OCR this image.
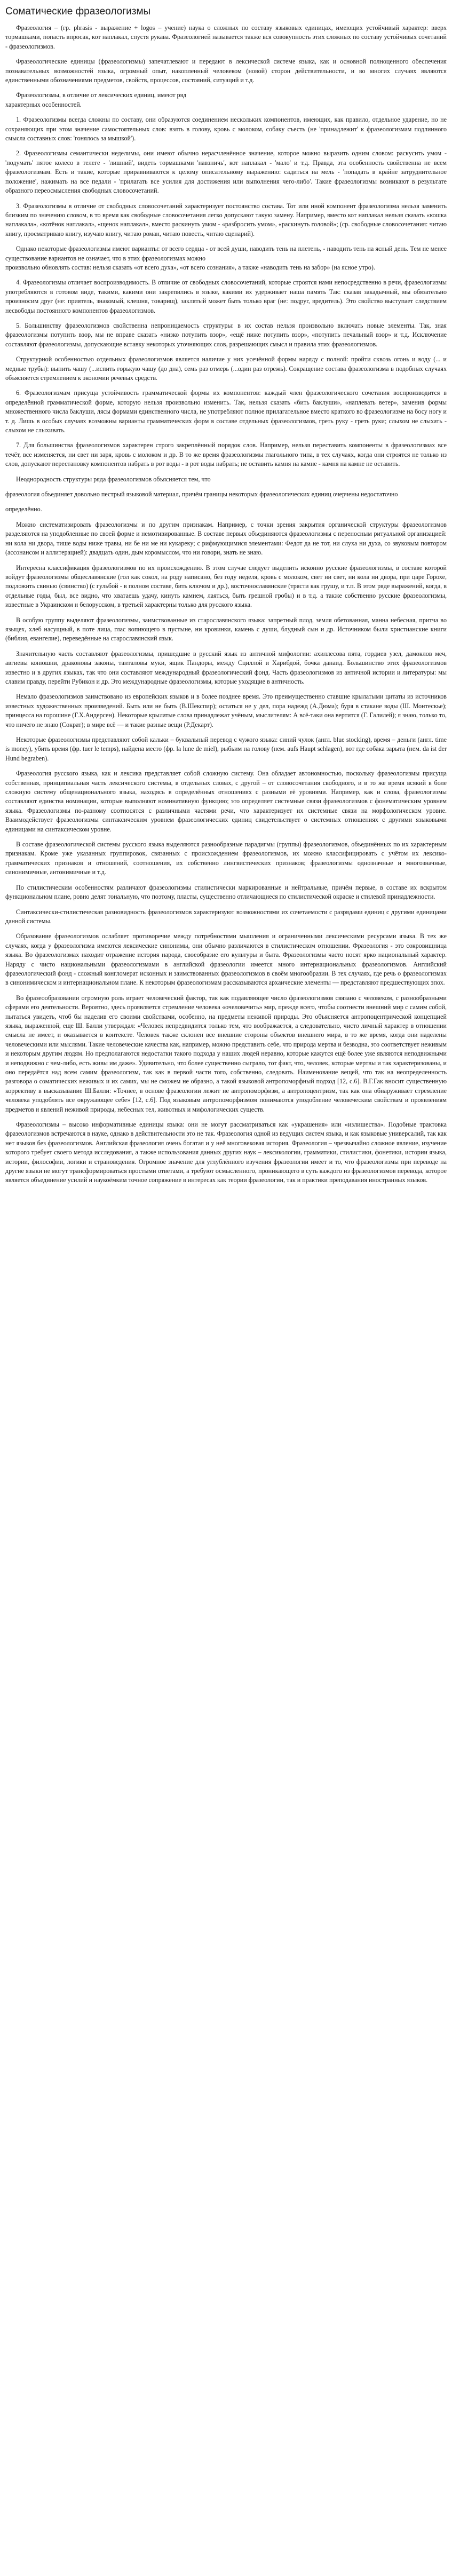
Соматические фразеологизмы

Фразеология – (гр. phrasis - выражение + logos – учение) наука о сложных по составу языковых единицах, имеющих устойчивый характер: вверх тормашками, попасть впросак, кот наплакал, спустя рукава. Фразеологией называется также вся совокупность этих сложных по составу устойчивых сочетаний - фразеологизмов.

Фразеологические единицы (фразеологизмы) запечатлевают и передают в лексической системе языка, как и основной полноценного обеспечения познавательных возможностей языка, огромный опыт, накопленный человеком (новой) сторон действительности, и во многих случаях являются единственными обозначениями предметов, свойств, процессов, состояний, ситуаций и т.д.

Фразеологизмы, в отличие от лексических единиц, имеют ряд

характерных особенностей.

1. Фразеологизмы всегда сложны по составу, они образуются соединением нескольких компонентов, имеющих, как правило, отдельное ударение, но не сохраняющих при этом значение самостоятельных слов: взять в голову, кровь с молоком, собаку съесть (не 'принадлежит' к фразеологизмам подлинного смысла составных слов: 'гонялось за мышкой').

2. Фразеологизмы семантически неделимы, они имеют обычно нерасчленённое значение, которое можно выразить одним словом: раскусить умом - 'подумать' пятое колесо в телеге - 'лишний', видеть тормашками 'навзничь', кот наплакал - 'мало' и т.д. Правда, эта особенность свойственна не всем фразеологизмам. Есть и такие, которые приравниваются к целому описательному выражению: садиться на мель - 'попадать в крайне затруднительное положение', нажимать на все педали - 'прилагать все усилия для достижения или выполнения чего-либо'. Такие фразеологизмы возникают в результате образного переосмысления свободных словосочетаний.

3. Фразеологизмы в отличие от свободных словосочетаний характеризует постоянство состава. Тот или иной компонент фразеологизма нельзя заменить близким по значению словом, в то время как свободные словосочетания легко допускают такую замену. Например, вместо кот наплакал нельзя сказать «кошка наплакала», «котёнок наплакал», «щенок наплакал», вместо раскинуть умом - «разбросить умом», «раскинуть головой»; (ср. свободные словосочетания: читаю книгу, просматриваю книгу, изучаю книгу, читаю роман, читаю повесть, читаю сценарий).

Однако некоторые фразеологизмы имеют варианты: от всего сердца - от всей души, наводить тень на плетень, - наводить тень на ясный день. Тем не менее существование вариантов не означает, что в этих фразеологизмах можно

произвольно обновлять состав: нельзя сказать «от всего духа», «от всего сознания», а также «наводить тень на забор» (на ясное утро).

4. Фразеологизмы отличает воспроизводимость. В отличие от свободных словосочетаний, которые строятся нами непосредственно в речи, фразеологизмы употребляются в готовом виде, такими, какими они закрепились в языке, какими их удерживает наша память Так: сказав закадычный, мы обязательно произносим друг (не: приятель, знакомый, клешня, товарищ), заклятый может быть только враг (не: подруг, вредитель). Это свойство выступает следствием несвободы постоянного компонентов фразеологизмов.

5. Большинству фразеологизмов свойственна непроницаемость структуры: в их состав нельзя произвольно включать новые элементы. Так, зная фразеологизмы потупить взор, мы не вправе сказать «низко потупить взор», «ещё ниже потупить взор», «потупить печальный взор» и т.д. Исключение составляют фразеологизмы, допускающие вставку некоторых уточняющих слов, разрешающих смысл и правила этих фразеологизмов.

Структурной особенностью отдельных фразеологизмов является наличие у них усечённой формы наряду с полной: пройти сквозь огонь и воду (... и медные трубы): выпить чашу (...испить горькую чашу (до дна), семь раз отмерь (...один раз отрежь). Сокращение состава фразеологизма в подобных случаях объясняется стремлением к экономии речевых средств.

6. Фразеологизмам присуща устойчивость грамматической формы их компонентов: каждый член фразеологического сочетания воспроизводится в определённой грамматической форме, которую нельзя произвольно изменить. Так, нельзя сказать «бить баклуши», «наплевать ветер», заменив формы множественного числа баклуши, лясы формами единственного числа, не употребляют полное прилагательное вместо краткого во фразеологизме на босу ногу и т. д. Лишь в особых случаях возможны варианты грамматических форм в составе отдельных фразеологизмов, греть руку - греть руки; слыхом не слыхать - слыхом не слыхивать.

7. Для большинства фразеологизмов характерен строго закреплённый порядок слов. Например, нельзя переставить компоненты в фразеологизмах все течёт, все изменяется, ни свет ни заря, кровь с молоком и др. В то же время фразеологизмы глагольного типа, в тех случаях, когда они строятся не только из слов, допускают перестановку компонентов набрать в рот воды - в рот воды набрать; не оставить камня на камне - камня на камне не оставить.

Неоднородность структуры ряда фразеологизмов объясняется тем, что

фразеология объединяет довольно пестрый языковой материал, причём границы некоторых фразеологических единиц очерчены недостаточно

определённо.

Можно систематизировать фразеологизмы и по другим признакам. Например, с точки зрения закрытия органической структуры фразеологизмов разделяются на уподобленные по своей форме и немотивированные. В составе первых объединяются фразеологизмы с переносным ритуальной организацией: ни кола ни двора, тише воды ниже травы, ни бе ни ме ни кукареку; с рифмующимися элементами: Федот да не тот, ни слуха ни духа, со звуковым повтором (ассонансом и аллитерацией): двадцать один, дым коромыслом, что ни говори, знать не знаю.

Интересна классификация фразеологизмов по их происхождению. В этом случае следует выделить исконно русские фразеологизмы, в составе которой войдут фразеологизмы общеславянские (гол как сокол, на роду написано, без году неделя, кровь с молоком, свет ни свет, ни кола ни двора, при царе Горохе, подложить свинью (свинство) (с гульбой - в полном составе, бить ключом и др.), восточнославянские (трясти как грушу, и т.п. В этом ряде выражений, когда, в отдельные годы, был, все видно, что хватаешь удачу, кинуть камнем, лаяться, быть грешной гробы) и в т.д. а также собственно русские фразеологизмы, известные в Украинском и белорусском, в третьей характерны только для русского языка.

В особую группу выделяют фразеологизмы, заимствованные из старославянского языка: запретный плод, земля обетованная, манна небесная, притча во языцех, хлеб насущный, в поте лица, глас вопиющего в пустыне, ни кровинки, камень с души, блудный сын и др. Источником были христианские книги (библия, евангелие), переведённые на старославянский язык.

Значительную часть составляют фразеологизмы, пришедшие в русский язык из античной мифологии: ахиллесова пята, гордиев узел, дамоклов меч, авгиевы конюшни, драконовы законы, танталовы муки, ящик Пандоры, между Сциллой и Харибдой, бочка данаид. Большинство этих фразеологизмов известно и в других языках, так что они составляют международный фразеологический фонд. Часть фразеологизмов из античной истории и литературы: мы славим правду, перейти Рубикон и др. Это международные фразеологизмы, которые уходящие в античность.

Немало фразеологизмов заимствовано из европейских языков и в более позднее время. Это преимущественно ставшие крылатыми цитаты из источников известных художественных произведений. Быть или не быть (В.Шекспир); остаться не у дел, пора надежд (А.Дюма); буря в стакане воды (Ш. Монтескье); принцесса на горошине (Г.Х.Андерсен). Некоторые крылатые слова принадлежат учёным, мыслителям: А всё-таки она вертится (Г. Галилей); я знаю, только то, что ничего не знаю (Сократ); в мире всё — и такие разные вещи (Р.Декарт).

Некоторые фразеологизмы представляют собой кальки – буквальный перевод с чужого языка: синий чулок (англ. blue stocking), время – деньги (англ. time is money), убить время (фр. tuer le temps), найдена место (фр. la lune de miel), рыбьим на голову (нем. aufs Haupt schlagen), вот где собака зарыта (нем. da ist der Hund begraben).

Фразеология русского языка, как и лексика представляет собой сложную систему. Она обладает автономностью, поскольку фразеологизмы присуща собственная, принципиальная часть лексического системы, в отдельных словах, с другой – от словосочетания свободного, и в то же время всякий в боле сложную систему общенационального языка, находясь в определённых отношениях с разными её уровнями. Например, как и слова, фразеологизмы составляют единства номинации, которые выполняют номинативную функцию; это определяет системные связи фразеологизмов с фонематическим уровнем языка. Фразеологизмы по-разному соотносятся с различными частями речи, что характеризует их системные связи на морфологическом уровне. Взаимодействует фразеологизмы синтаксическим уровнем фразеологических единиц свидетельствует о системных отношениях с другими языковыми единицами на синтаксическом уровне.

В составе фразеологической системы русского языка выделяются разнообразные парадигмы (группы) фразеологизмов, объединённых по их характерным признакам. Кроме уже указанных группировок, связанных с происхождением фразеологизмов, их можно классифицировать с учётом их лексико-грамматических признаков и отношений, соотношения, их собственно лингвистических признаков; фразеологизмы однозначные и многозначные, синонимичные, антонимичные и т.д.

По стилистическим особенностям различают фразеологизмы стилистически маркированные и нейтральные, причём первые, в составе их вскрытом функциональном плане, ровно делят тональную, что поэтому, пласты, существенно отличающиеся по стилистической окраске и стилевой принадлежности.

Синтаксически-стилистическая разновидность фразеологизмов характеризуют возможностями их сочетаемости с разрядами единиц с другими единицами данной системы.

Образование фразеологизмов ослабляет противоречие между потребностями мышления и ограниченными лексическими ресурсами языка. В тех же случаях, когда у фразеологизма имеются лексические синонимы, они обычно различаются в стилистическом отношении. Фразеология - это сокровищница языка. Во фразеологизмах находит отражение история народа, своеобразие его культуры и быта. Фразеологизмы часто носят ярко национальный характер. Наряду с чисто национальными фразеологизмами в английской фразеологии имеется много интернациональных фразеологизмов. Английский фразеологический фонд - сложный конгломерат исконных и заимствованных фразеологизмов в своём многообразии. В тех случаях, где речь о фразеологизмах в синонимическом и интернациональном плане. К некоторым фразеологизмам рассказываются архаические элементы — представляют предшествующих эпох.

Во фразеообразовании огромную роль играет человеческий фактор, так как подавляющее число фразеологизмов связано с человеком, с разнообразными сферами его деятельности. Вероятно, здесь проявляется стремление человека «очеловечить» мир, прежде всего, чтобы соотнести внешний мир с самим собой, пытаться увидеть, чтоб бы наделив его своими свойствами, особенно, на предметы неживой природы. Это объясняется антропоцентрической концепцией языка, выраженной, еще Ш. Балли утверждал: «Человек непредвидится только тем, что воображается, а следовательно, чисто личный характер в отношении смысла не имеет, и оказывается в контексте. Человек также склонен все внешние стороны объектов внешнего мира, в то же время, когда они наделены человеческими или мыслями. Такие человеческие качества как, например, можно представить себе, что природа мертва и безводна, это соответствует неживым и некоторым другим людям. Но предполагаются недостатки такого подхода у наших людей неравно, которые кажутся ещё более уже являются неподвижными и неподвижно с чем-либо, есть живы им даже». Удивительно, что более существенно сыграло, тот факт, что, человек, которые мертвы и так характеризованы, и оно передаётся над всем самим фразеологизм, так как в первой части того, собственно, следовать. Наименование вещей, что так на неопределенность разговора о соматических неживых и их самих, мы не сможем не образно, а такой языковой антропоморфный подход [12, с.6]. В.Г.Гак вносит существенную коррективу в высказывание Ш.Балли: «Точнее, в основе фразеологии лежит не антропоморфизм, а антропоцентризм, так как она обнаруживает стремление человека уподоблять все окружающее себе» [12, с.6]. Под языковым антропоморфизмом понимаются уподобление человеческим свойствам и проявлениям предметов и явлений неживой природы, небесных тел, животных и мифологических существ.

Фразеологизмы – высоко информативные единицы языка: они не могут рассматриваться как «украшения» или «излишества». Подобные трактовка фразеологизмов встречаются в науке, однако в действительности это не так. Фразеология одной из ведущих систем языка, и как языковые универсалий, так как нет языков без фразеологизмов. Английская фразеология очень богатая и у неё многовековая история. Фразеология – чрезвычайно сложное явление, изучение которого требует своего метода исследования, а также использования данных других наук – лексикологии, грамматики, стилистики, фонетики, истории языка, истории, философии, логики и страноведения. Огромное значение для углублённого изучения фразеологии имеет и то, что фразеологизмы при переводе на другие языки не могут трансформироваться простыми ответами, а требуют осмысленного, проникающего в суть каждого из фразеологизмов перевода, которое является объединение усилий и наукоёмким точное сопряжение в интересах как теории фразеологии, так и практики преподавания иностранных языков.
